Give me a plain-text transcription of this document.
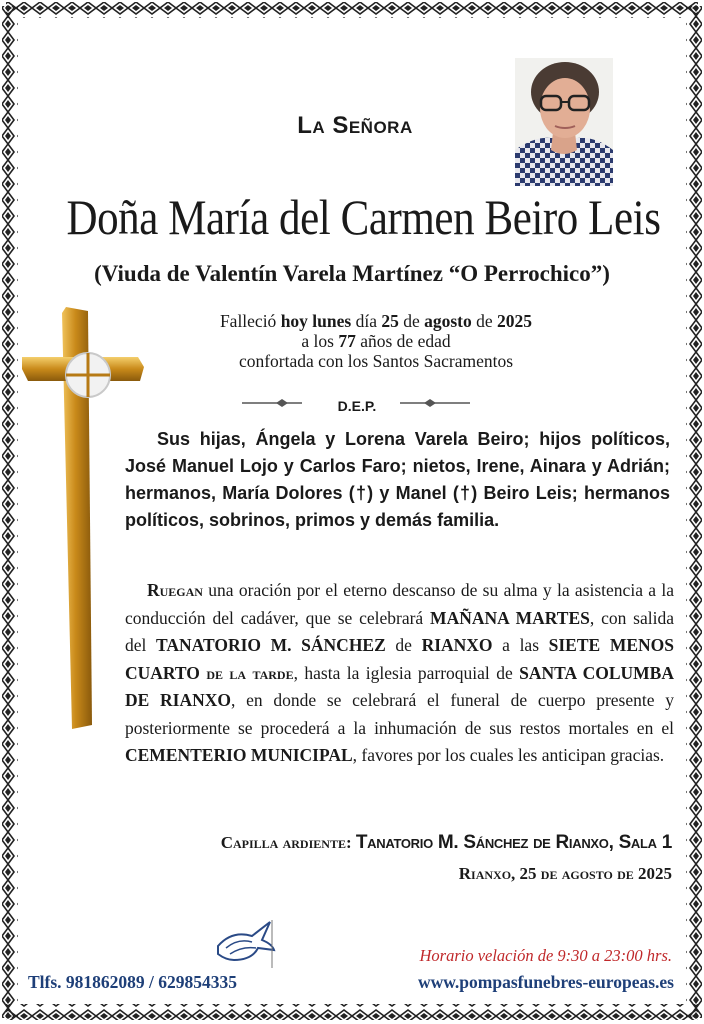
La Señora
Doña María del Carmen Beiro Leis
(Viuda de Valentín Varela Martínez “O Perrochico”)
Falleció hoy lunes día 25 de agosto de 2025
a los 77 años de edad
confortada con los Santos Sacramentos
D.E.P.

Sus hijas, Ángela y Lorena Varela Beiro; hijos políticos, José Manuel Lojo y Carlos Faro; nietos, Irene, Ainara y Adrián; hermanos, María Dolores (†) y Manel (†) Beiro Leis; hermanos políticos, sobrinos, primos y demás familia.

Ruegan una oración por el eterno descanso de su alma y la asistencia a la conducción del cadáver, que se celebrará MAÑANA MARTES, con salida del TANATORIO M. SÁNCHEZ de RIANXO a las SIETE MENOS CUARTO de la tarde, hasta la iglesia parroquial de SANTA COLUMBA DE RIANXO, en donde se celebrará el funeral de cuerpo presente y posteriormente se procederá a la inhumación de sus restos mortales en el CEMENTERIO MUNICIPAL, favores por los cuales les anticipan gracias.

Capilla ardiente: Tanatorio M. Sánchez de Rianxo, Sala 1
Rianxo, 25 de agosto de 2025
Horario velación de 9:30 a 23:00 hrs.
Tlfs. 981862089 / 629854335	www.pompasfunebres-europeas.es
